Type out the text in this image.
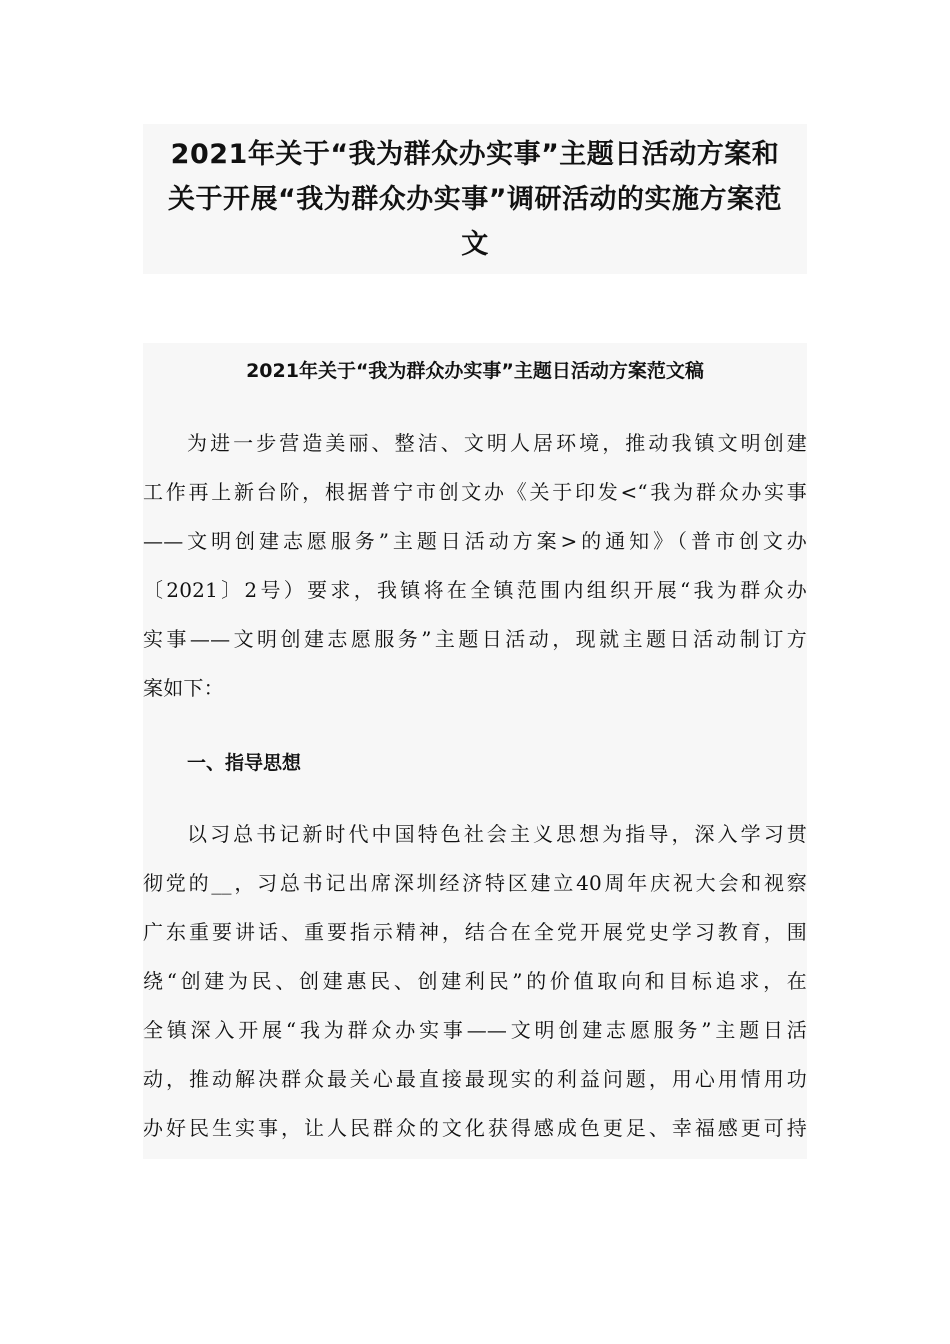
2021年关于“我为群众办实事”主题日活动方案和
关于开展“我为群众办实事”调研活动的实施方案范
文
2021年关于“我为群众办实事”主题日活动方案范文稿
为进一步营造美丽、整洁、文明人居环境，推动我镇文明创建
工作再上新台阶，根据普宁市创文办《关于印发<“我为群众办实事
——文明创建志愿服务”主题日活动方案>的通知》（普市创文办
〔2021〕2号）要求，我镇将在全镇范围内组织开展“我为群众办
实事——文明创建志愿服务”主题日活动，现就主题日活动制订方
案如下：
一、指导思想
以习总书记新时代中国特色社会主义思想为指导，深入学习贯
彻党的__，习总书记出席深圳经济特区建立40周年庆祝大会和视察
广东重要讲话、重要指示精神，结合在全党开展党史学习教育，围
绕“创建为民、创建惠民、创建利民”的价值取向和目标追求，在
全镇深入开展“我为群众办实事——文明创建志愿服务”主题日活
动，推动解决群众最关心最直接最现实的利益问题，用心用情用功
办好民生实事，让人民群众的文化获得感成色更足、幸福感更可持
